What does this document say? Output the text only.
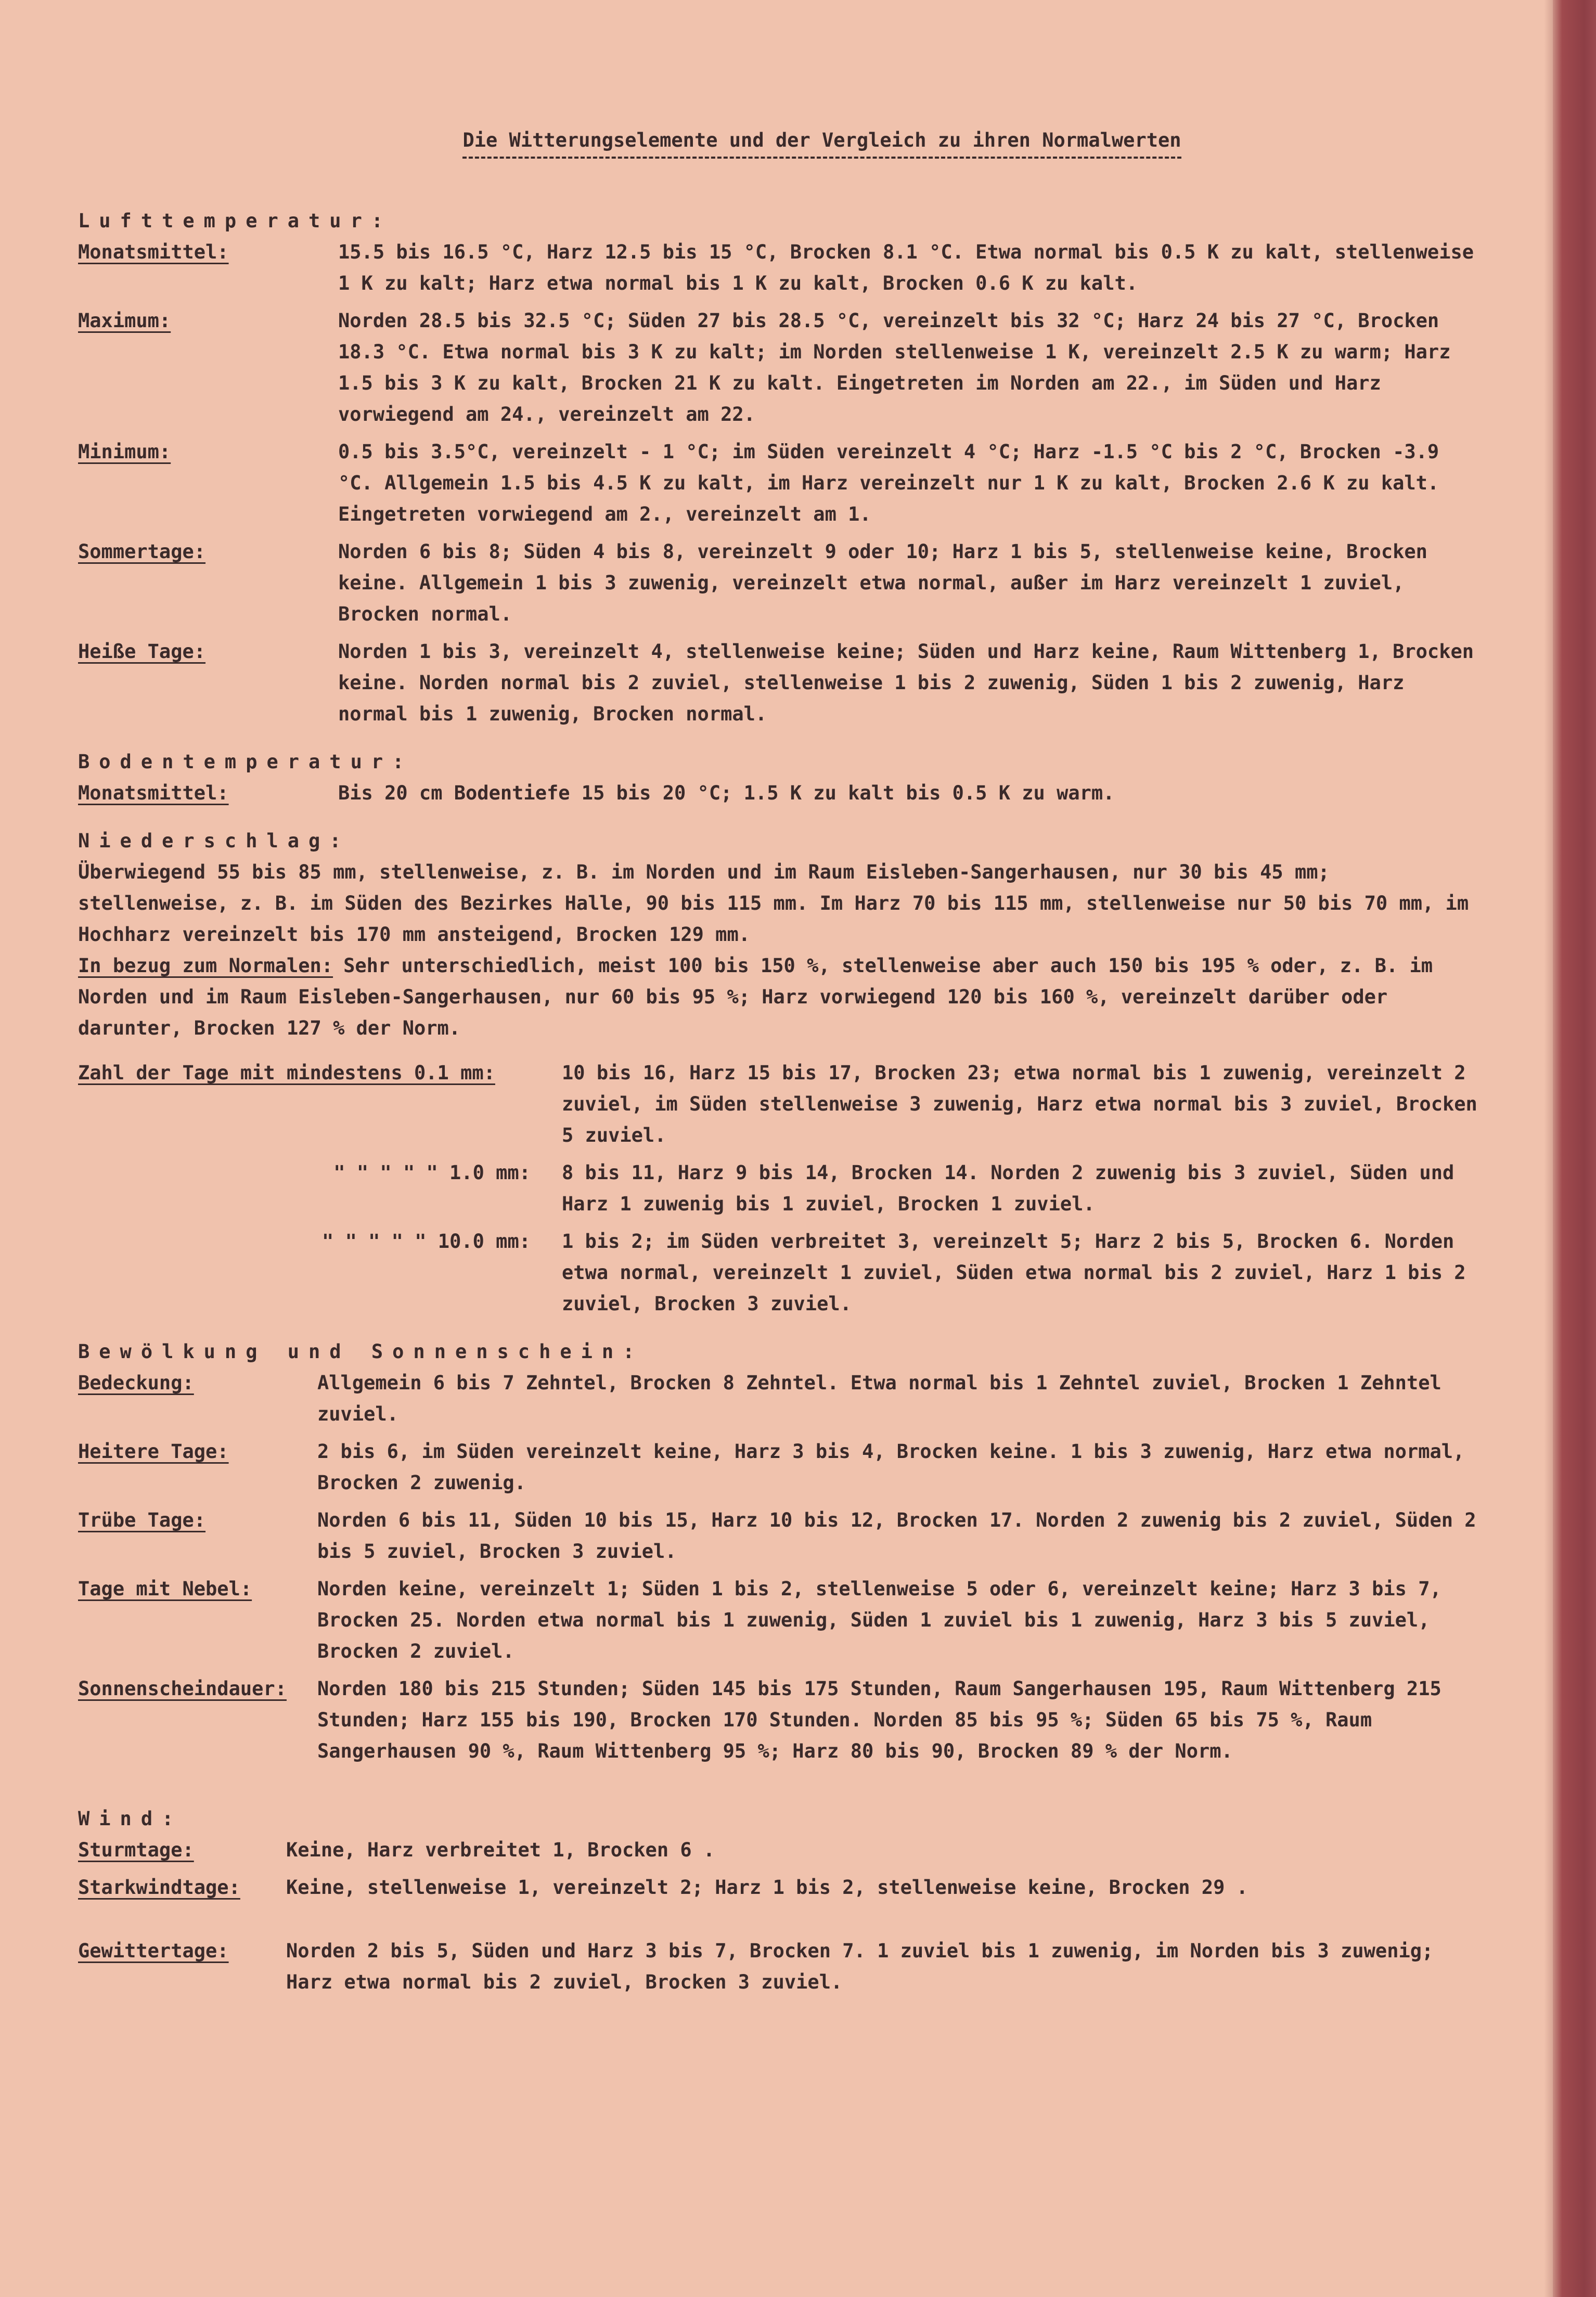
Die Witterungselemente und der Vergleich zu ihren Normalwerten
Lufttemperatur:
Monatsmittel:	15.5 bis 16.5 °C, Harz 12.5 bis 15 °C, Brocken 8.1 °C. Etwa normal bis 0.5 K zu kalt, stellenweise 1 K zu kalt; Harz etwa normal bis 1 K zu kalt, Brocken 0.6 K zu kalt.
Maximum:	Norden 28.5 bis 32.5 °C; Süden 27 bis 28.5 °C, vereinzelt bis 32 °C; Harz 24 bis 27 °C, Brocken 18.3 °C. Etwa normal bis 3 K zu kalt; im Norden stellenweise 1 K, vereinzelt 2.5 K zu warm; Harz 1.5 bis 3 K zu kalt, Brocken 21 K zu kalt. Eingetreten im Norden am 22., im Süden und Harz vorwiegend am 24., vereinzelt am 22.
Minimum:	0.5 bis 3.5°C, vereinzelt - 1 °C; im Süden vereinzelt 4 °C; Harz -1.5 °C bis 2 °C, Brocken -3.9 °C. Allgemein 1.5 bis 4.5 K zu kalt, im Harz vereinzelt nur 1 K zu kalt, Brocken 2.6 K zu kalt. Eingetreten vorwiegend am 2., vereinzelt am 1.
Sommertage:	Norden 6 bis 8; Süden 4 bis 8, vereinzelt 9 oder 10; Harz 1 bis 5, stellenweise keine, Brocken keine. Allgemein 1 bis 3 zuwenig, vereinzelt etwa normal, außer im Harz vereinzelt 1 zuviel, Brocken normal.
Heiße Tage:	Norden 1 bis 3, vereinzelt 4, stellenweise keine; Süden und Harz keine, Raum Wittenberg 1, Brocken keine. Norden normal bis 2 zuviel, stellenweise 1 bis 2 zuwenig, Süden 1 bis 2 zuwenig, Harz normal bis 1 zuwenig, Brocken normal.
Bodentemperatur:
Monatsmittel:	Bis 20 cm Bodentiefe 15 bis 20 °C; 1.5 K zu kalt bis 0.5 K zu warm.
Niederschlag:

Überwiegend 55 bis 85 mm, stellenweise, z. B. im Norden und im Raum Eisleben-Sangerhausen, nur 30 bis 45 mm; stellenweise, z. B. im Süden des Bezirkes Halle, 90 bis 115 mm. Im Harz 70 bis 115 mm, stellenweise nur 50 bis 70 mm, im Hochharz vereinzelt bis 170 mm ansteigend, Brocken 129 mm.

In bezug zum Normalen: Sehr unterschiedlich, meist 100 bis 150 %, stellenweise aber auch 150 bis 195 % oder, z. B. im Norden und im Raum Eisleben-Sangerhausen, nur 60 bis 95 %; Harz vorwiegend 120 bis 160 %, vereinzelt darüber oder darunter, Brocken 127 % der Norm.

Zahl der Tage mit mindestens 0.1 mm:	10 bis 16, Harz 15 bis 17, Brocken 23; etwa normal bis 1 zuwenig, vereinzelt 2 zuviel, im Süden stellenweise 3 zuwenig, Harz etwa normal bis 3 zuviel, Brocken 5 zuviel.
" " " " " 1.0 mm:	8 bis 11, Harz 9 bis 14, Brocken 14. Norden 2 zuwenig bis 3 zuviel, Süden und Harz 1 zuwenig bis 1 zuviel, Brocken 1 zuviel.
" " " " " 10.0 mm:	1 bis 2; im Süden verbreitet 3, vereinzelt 5; Harz 2 bis 5, Brocken 6. Norden etwa normal, vereinzelt 1 zuviel, Süden etwa normal bis 2 zuviel, Harz 1 bis 2 zuviel, Brocken 3 zuviel.
Bewölkung und Sonnenschein:
Bedeckung:	Allgemein 6 bis 7 Zehntel, Brocken 8 Zehntel. Etwa normal bis 1 Zehntel zuviel, Brocken 1 Zehntel zuviel.
Heitere Tage:	2 bis 6, im Süden vereinzelt keine, Harz 3 bis 4, Brocken keine. 1 bis 3 zuwenig, Harz etwa normal, Brocken 2 zuwenig.
Trübe Tage:	Norden 6 bis 11, Süden 10 bis 15, Harz 10 bis 12, Brocken 17. Norden 2 zuwenig bis 2 zuviel, Süden 2 bis 5 zuviel, Brocken 3 zuviel.
Tage mit Nebel:	Norden keine, vereinzelt 1; Süden 1 bis 2, stellenweise 5 oder 6, vereinzelt keine; Harz 3 bis 7, Brocken 25. Norden etwa normal bis 1 zuwenig, Süden 1 zuviel bis 1 zuwenig, Harz 3 bis 5 zuviel, Brocken 2 zuviel.
Sonnenscheindauer:	Norden 180 bis 215 Stunden; Süden 145 bis 175 Stunden, Raum Sangerhausen 195, Raum Wittenberg 215 Stunden; Harz 155 bis 190, Brocken 170 Stunden. Norden 85 bis 95 %; Süden 65 bis 75 %, Raum Sangerhausen 90 %, Raum Wittenberg 95 %; Harz 80 bis 90, Brocken 89 % der Norm.
Wind:
Sturmtage:	Keine, Harz verbreitet 1, Brocken 6 .
Starkwindtage:	Keine, stellenweise 1, vereinzelt 2; Harz 1 bis 2, stellenweise keine, Brocken 29 .
Gewittertage:	Norden 2 bis 5, Süden und Harz 3 bis 7, Brocken 7. 1 zuviel bis 1 zuwenig, im Norden bis 3 zuwenig; Harz etwa normal bis 2 zuviel, Brocken 3 zuviel.
